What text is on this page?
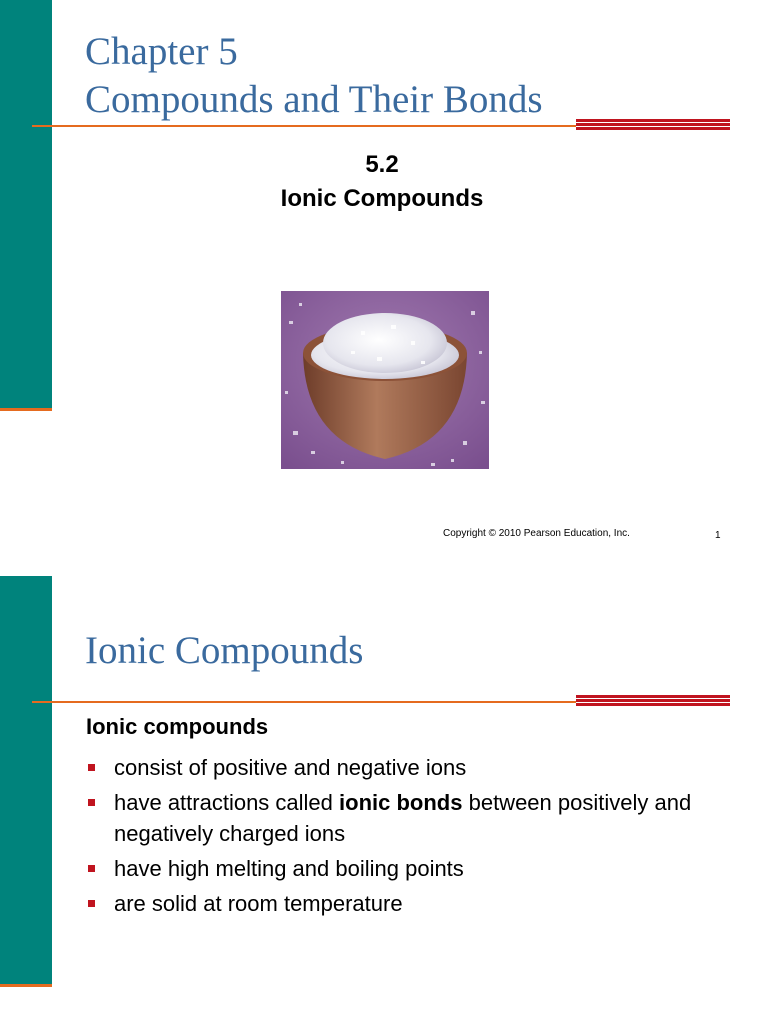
Chapter 5
Compounds and Their Bonds
5.2
Ionic Compounds
Copyright © 2010 Pearson Education, Inc.	1
Ionic Compounds
Ionic compounds
consist of positive and negative ions
have attractions called ionic bonds between positively and negatively charged ions
have high melting and boiling points
are solid at room temperature
